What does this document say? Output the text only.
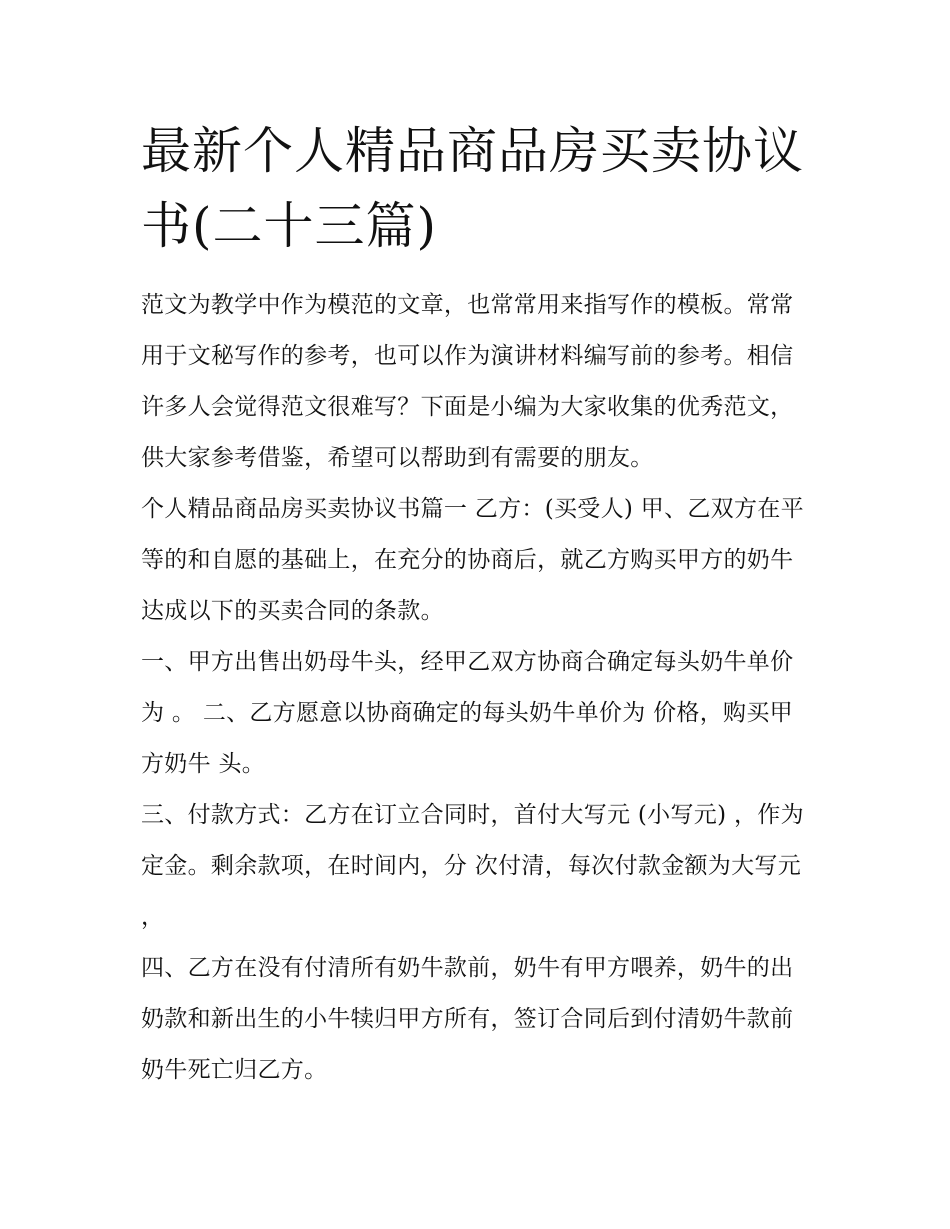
最新个人精品商品房买卖协议书(二十三篇)

范文为教学中作为模范的文章，也常常用来指写作的模板。常常用于文秘写作的参考，也可以作为演讲材料编写前的参考。相信许多人会觉得范文很难写？下面是小编为大家收集的优秀范文，供大家参考借鉴，希望可以帮助到有需要的朋友。

个人精品商品房买卖协议书篇一 乙方：(买受人) 甲、乙双方在平等的和自愿的基础上，在充分的协商后，就乙方购买甲方的奶牛达成以下的买卖合同的条款。

一、甲方出售出奶母牛头，经甲乙双方协商合确定每头奶牛单价为 。 二、乙方愿意以协商确定的每头奶牛单价为 价格，购买甲方奶牛 头。

三、付款方式：乙方在订立合同时，首付大写元 (小写元) ，作为定金。剩余款项，在时间内，分 次付清，每次付款金额为大写元 ，

四、乙方在没有付清所有奶牛款前，奶牛有甲方喂养，奶牛的出奶款和新出生的小牛犊归甲方所有，签订合同后到付清奶牛款前奶牛死亡归乙方。
